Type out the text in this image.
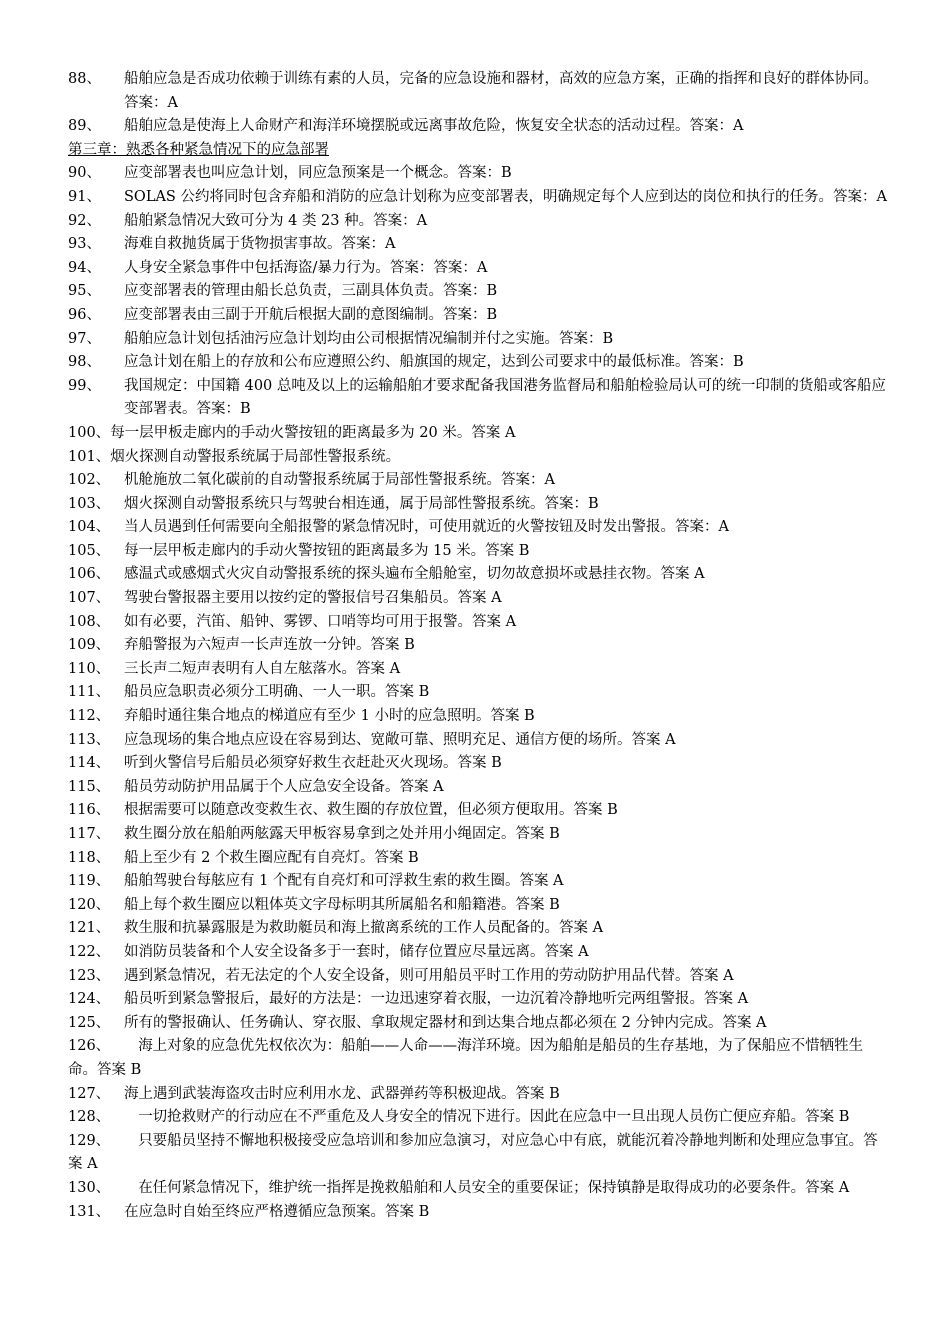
88、	船舶应急是否成功依赖于训练有素的人员，完备的应急设施和器材，高效的应急方案，正确的指挥和良好的群体协同。答案：A
89、	船舶应急是使海上人命财产和海洋环境摆脱或远离事故危险，恢复安全状态的活动过程。答案：A
第三章：熟悉各种紧急情况下的应急部署
90、	应变部署表也叫应急计划，同应急预案是一个概念。答案：B
91、	SOLAS 公约将同时包含弃船和消防的应急计划称为应变部署表，明确规定每个人应到达的岗位和执行的任务。答案：A
92、	船舶紧急情况大致可分为 4 类 23 种。答案：A
93、	海难自救抛货属于货物损害事故。答案：A
94、	人身安全紧急事件中包括海盗/暴力行为。答案：答案：A
95、	应变部署表的管理由船长总负责，三副具体负责。答案：B
96、	应变部署表由三副于开航后根据大副的意图编制。答案：B
97、	船舶应急计划包括油污应急计划均由公司根据情况编制并付之实施。答案：B
98、	应急计划在船上的存放和公布应遵照公约、船旗国的规定，达到公司要求中的最低标准。答案：B
99、	我国规定：中国籍 400 总吨及以上的运输船舶才要求配备我国港务监督局和船舶检验局认可的统一印制的货船或客船应变部署表。答案：B
100、 每一层甲板走廊内的手动火警按钮的距离最多为 20 米。答案 A
101、 烟火探测自动警报系统属于局部性警报系统。
102、 机舱施放二氧化碳前的自动警报系统属于局部性警报系统。答案：A
103、 烟火探测自动警报系统只与驾驶台相连通，属于局部性警报系统。答案：B
104、 当人员遇到任何需要向全船报警的紧急情况时，可使用就近的火警按钮及时发出警报。答案：A
105、 每一层甲板走廊内的手动火警按钮的距离最多为 15 米。答案 B
106、 感温式或感烟式火灾自动警报系统的探头遍布全船舱室，切勿故意损坏或悬挂衣物。答案 A
107、 驾驶台警报器主要用以按约定的警报信号召集船员。答案 A
108、 如有必要，汽笛、船钟、雾锣、口哨等均可用于报警。答案 A
109、 弃船警报为六短声一长声连放一分钟。答案 B
110、 三长声二短声表明有人自左舷落水。答案 A
111、 船员应急职责必须分工明确、一人一职。答案 B
112、 弃船时通往集合地点的梯道应有至少 1 小时的应急照明。答案 B
113、 应急现场的集合地点应设在容易到达、宽敞可靠、照明充足、通信方便的场所。答案 A
114、 听到火警信号后船员必须穿好救生衣赶赴灭火现场。答案 B
115、 船员劳动防护用品属于个人应急安全设备。答案 A
116、 根据需要可以随意改变救生衣、救生圈的存放位置，但必须方便取用。答案 B
117、 救生圈分放在船舶两舷露天甲板容易拿到之处并用小绳固定。答案 B
118、 船上至少有 2 个救生圈应配有自亮灯。答案 B
119、 船舶驾驶台每舷应有 1 个配有自亮灯和可浮救生索的救生圈。答案 A
120、 船上每个救生圈应以粗体英文字母标明其所属船名和船籍港。答案 B
121、 救生服和抗暴露服是为救助艇员和海上撤离系统的工作人员配备的。答案 A
122、 如消防员装备和个人安全设备多于一套时，储存位置应尽量远离。答案 A
123、 遇到紧急情况，若无法定的个人安全设备，则可用船员平时工作用的劳动防护用品代替。答案 A
124、 船员听到紧急警报后，最好的方法是：一边迅速穿着衣服，一边沉着冷静地听完两组警报。答案 A
125、 所有的警报确认、任务确认、穿衣服、拿取规定器材和到达集合地点都必须在 2 分钟内完成。答案 A
126、 海上对象的应急优先权依次为：船舶——人命——海洋环境。因为船舶是船员的生存基地，为了保船应不惜牺牲生命。答案 B
127、 海上遇到武装海盗攻击时应利用水龙、武器弹药等积极迎战。答案 B
128、 一切抢救财产的行动应在不严重危及人身安全的情况下进行。因此在应急中一旦出现人员伤亡便应弃船。答案 B
129、 只要船员坚持不懈地积极接受应急培训和参加应急演习，对应急心中有底，就能沉着冷静地判断和处理应急事宜。答案 A
130、 在任何紧急情况下，维护统一指挥是挽救船舶和人员安全的重要保证；保持镇静是取得成功的必要条件。答案 A
131、 在应急时自始至终应严格遵循应急预案。答案 B
